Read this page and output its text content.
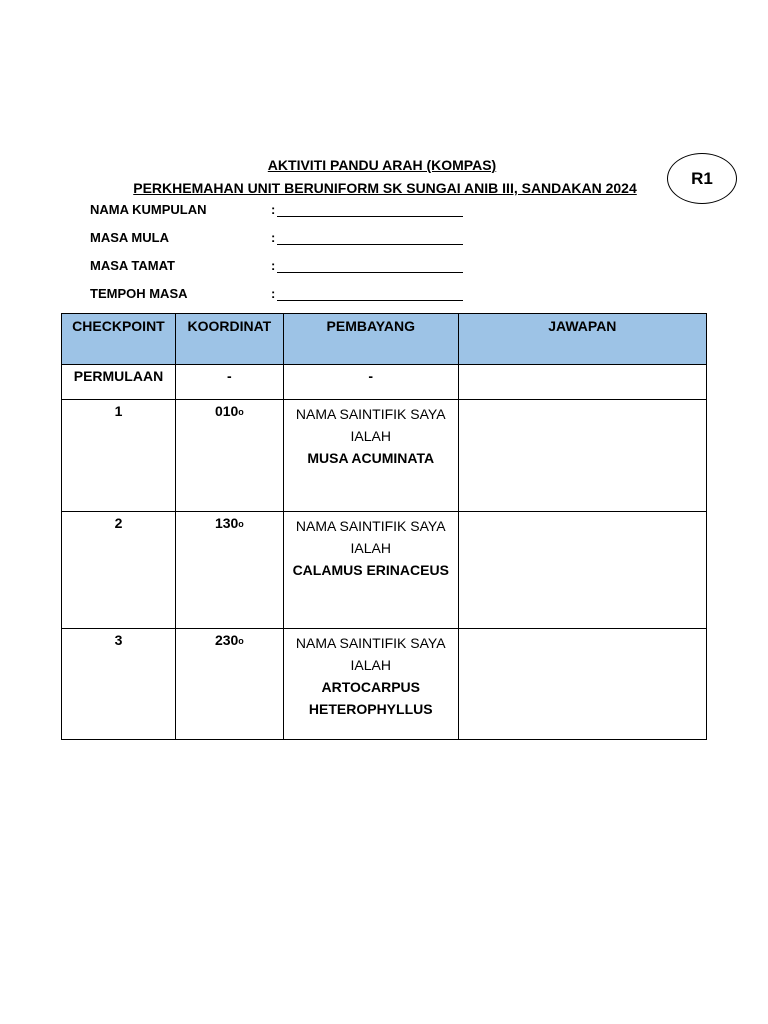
AKTIVITI PANDU ARAH (KOMPAS)
PERKHEMAHAN UNIT BERUNIFORM SK SUNGAI ANIB III, SANDAKAN 2024
R1
NAMA KUMPULAN	:
MASA MULA	:
MASA TAMAT	:
TEMPOH MASA	:
CHECKPOINT	KOORDINAT	PEMBAYANG	JAWAPAN
PERMULAAN	-	-	
1	010o	NAMA SAINTIFIK SAYA IALAH
MUSA ACUMINATA	

2	130o	NAMA SAINTIFIK SAYA IALAH
CALAMUS ERINACEUS	

3	230o	NAMA SAINTIFIK SAYA IALAH
ARTOCARPUS HETEROPHYLLUS	
